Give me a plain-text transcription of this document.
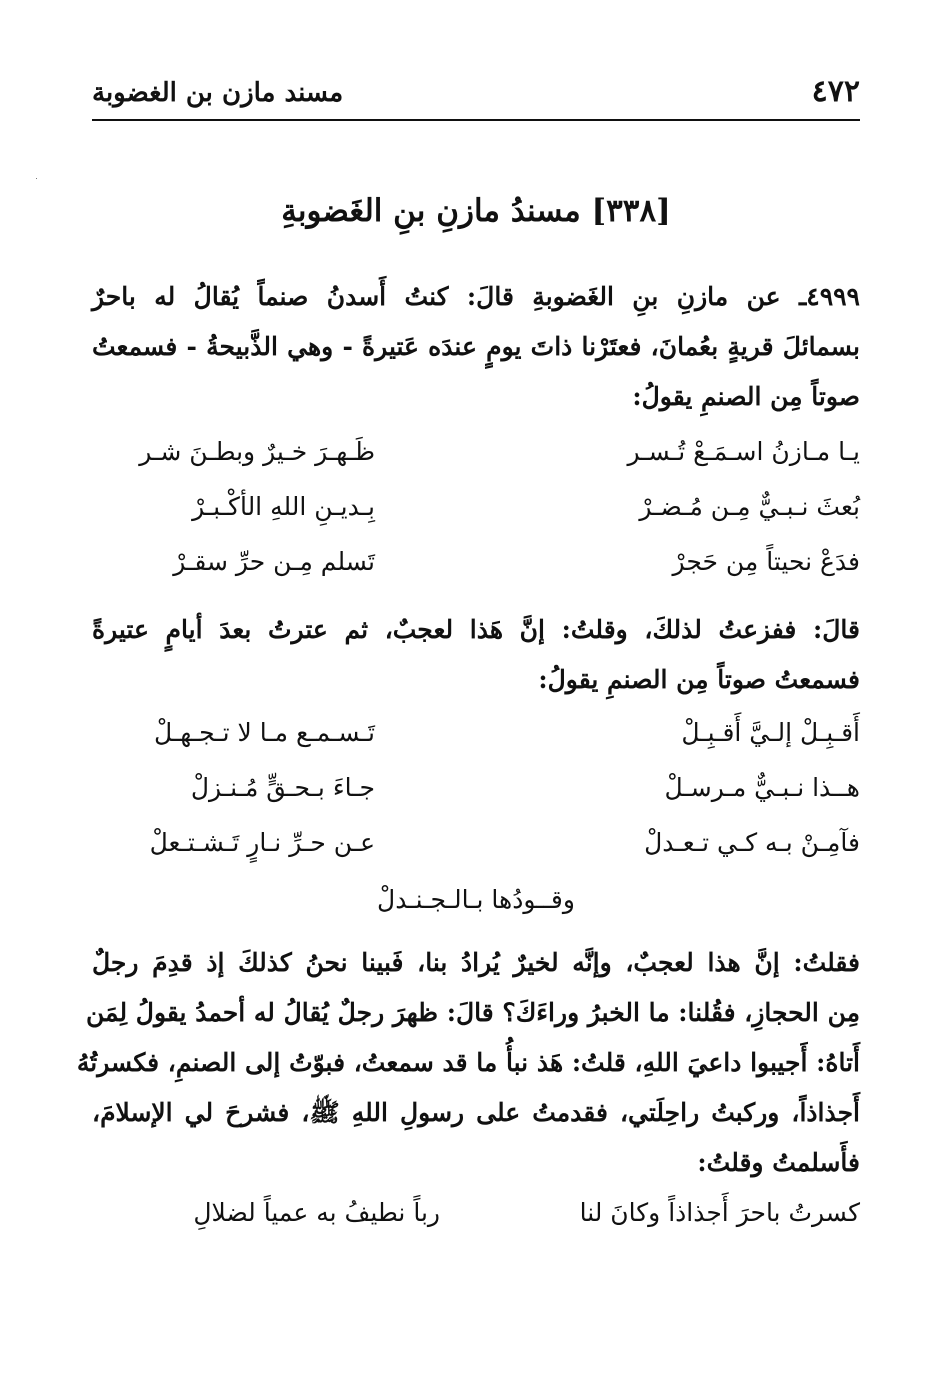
٤٧٢
مسند مازن بن الغضوبة
[٣٣٨] مسندُ مازنِ بنِ الغَضوبةِ
٤٩٩٩ـ عن مازنِ بنِ الغَضوبةِ قالَ: كنتُ أَسدنُ صنماً يُقالُ له باحرٌ
بسمائلَ قريةٍ بعُمانَ، فعتَرْنا ذاتَ يومٍ عندَه عَتيرةً - وهي الذَّبيحةُ - فسمعتُ
صوتاً مِن الصنمِ يقولُ:
يـا مـازنُ اسـمَـعْ تُـسـر
ظَـهـرَ خـيرٌ وبطـنَ شـر
بُعثَ نـبـيٌّ مِـن مُـضـرْ
بِـديـنِ اللهِ الأكْـبـرْ
فدَعْ نحيتاً مِن حَجرْ
تَسلم مِـن حرِّ سقـرْ
قالَ: ففزعتُ لذلكَ، وقلتُ: إنَّ هَذا لعجبٌ، ثم عترتُ بعدَ أيامٍ عتيرةً
فسمعتُ صوتاً مِن الصنمِ يقولُ:
أَقـبِـلْ إلـيَّ أَقـبِـلْ
تَـسـمـع مـا لا تـجـهـلْ
هــذا نـبـيٌّ مـرسـلْ
جـاءَ بـحـقٍّ مُـنـزلْ
فآمِـنْ بـه كـي تـعـدلْ
عـن حـرِّ نـارٍ تَـشـتـعلْ
وقــودُها بـالـجـنـدلْ
فقلتُ: إنَّ هذا لعجبٌ، وإنَّه لخيرٌ يُرادُ بنا، فَبينا نحنُ كذلكَ إذ قدِمَ رجلٌ
مِن الحجازِ، فقُلنا: ما الخبرُ وراءَكَ؟ قالَ: ظهرَ رجلٌ يُقالُ له أحمدُ يقولُ لِمَن
أَتاهُ: أَجيبوا داعيَ اللهِ، قلتُ: هَذ نبأُ ما قد سمعتُ، فبوّتُ إلى الصنمِ، فكسرتُهُ
أَجذاذاً، وركبتُ راحِلَتي، فقدمتُ على رسولِ اللهِ ﷺ، فشرحَ لي الإسلامَ،
فأَسلمتُ وقلتُ:
كسرتُ باحرَ أَجذاذاً وكانَ لنا
رباً نطيفُ به عمياً لضلالِ
